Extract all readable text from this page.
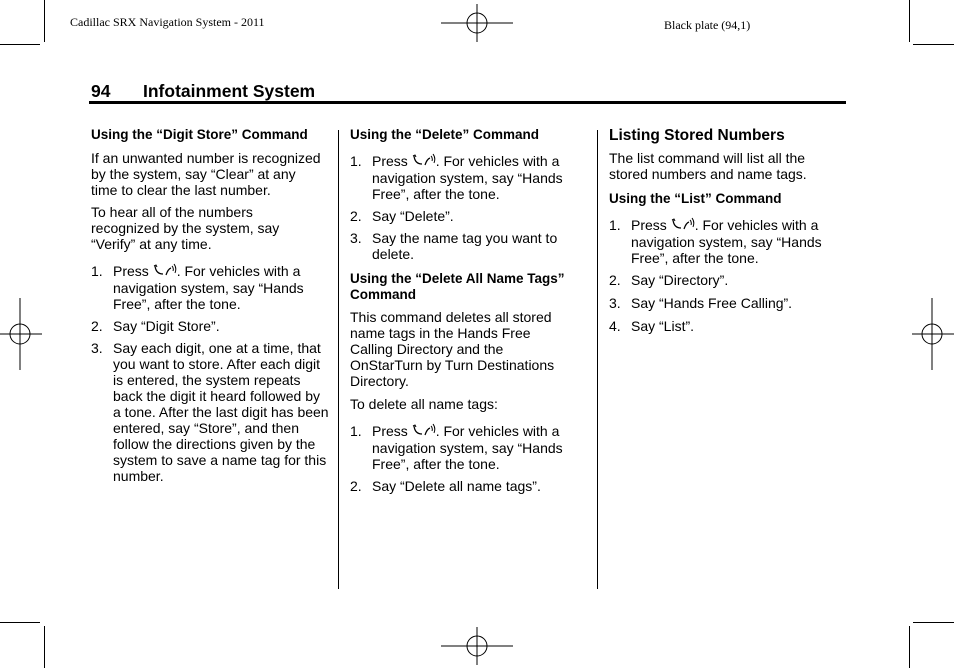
Cadillac SRX Navigation System - 2011	Black plate (94,1)
94 Infotainment System

Using the “Digit Store” Command

If an unwanted number is recognized by the system, say “Clear” at any time to clear the last number.

To hear all of the numbers recognized by the system, say “Verify” at any time.

1. Press . For vehicles with a navigation system, say “Hands Free”, after the tone.
2. Say “Digit Store”.
3. Say each digit, one at a time, that you want to store. After each digit is entered, the system repeats back the digit it heard followed by a tone. After the last digit has been entered, say “Store”, and then follow the directions given by the system to save a name tag for this number.

Using the “Delete” Command

1. Press . For vehicles with a navigation system, say “Hands Free”, after the tone.
2. Say “Delete”.
3. Say the name tag you want to delete.

Using the “Delete All Name Tags” Command

This command deletes all stored name tags in the Hands Free Calling Directory and the OnStarTurn by Turn Destinations Directory.

To delete all name tags:

1. Press . For vehicles with a navigation system, say “Hands Free”, after the tone.
2. Say “Delete all name tags”.

Listing Stored Numbers

The list command will list all the stored numbers and name tags.

Using the “List” Command

1. Press . For vehicles with a navigation system, say “Hands Free”, after the tone.
2. Say “Directory”.
3. Say “Hands Free Calling”.
4. Say “List”.
